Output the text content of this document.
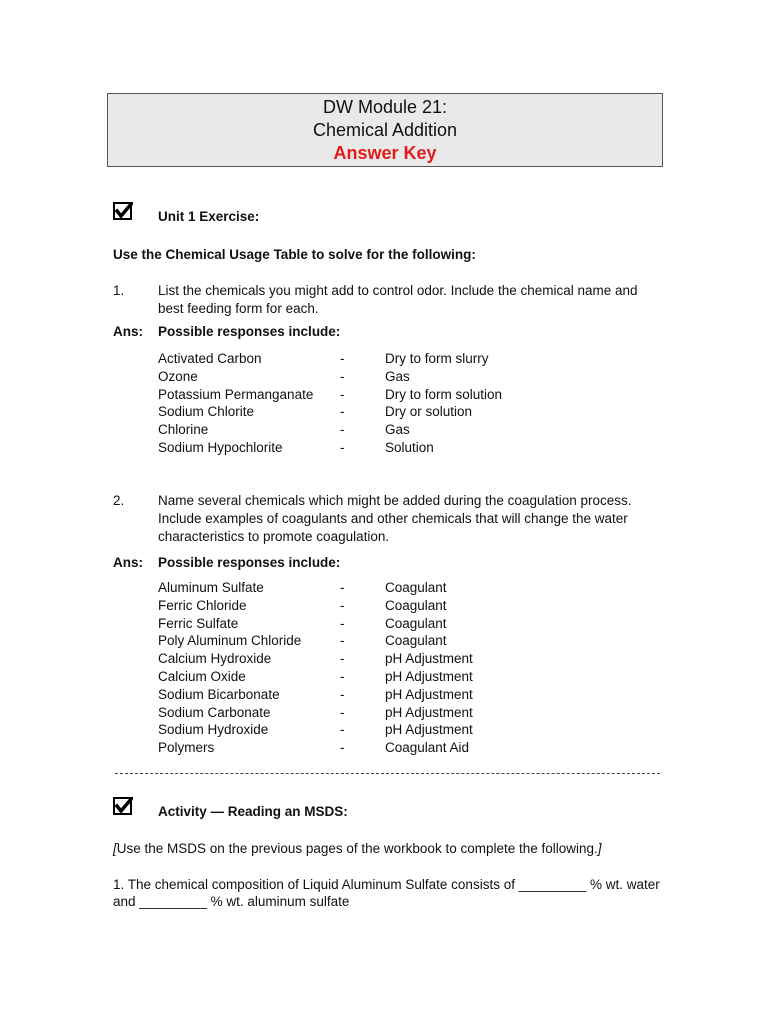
DW Module 21:
Chemical Addition
Answer Key
Unit 1 Exercise:
Use the Chemical Usage Table to solve for the following:
1. List the chemicals you might add to control odor. Include the chemical name and best feeding form for each.
Ans: Possible responses include:
Activated Carbon
Ozone
Potassium Permanganate
Sodium Chlorite
Chlorine
Sodium Hypochlorite
-
-
-
-
-
-
Dry to form slurry
Gas
Dry to form solution
Dry or solution
Gas
Solution
2. Name several chemicals which might be added during the coagulation process. Include examples of coagulants and other chemicals that will change the water characteristics to promote coagulation.
Ans: Possible responses include:
Aluminum Sulfate
Ferric Chloride
Ferric Sulfate
Poly Aluminum Chloride
Calcium Hydroxide
Calcium Oxide
Sodium Bicarbonate
Sodium Carbonate
Sodium Hydroxide
Polymers
-
-
-
-
-
-
-
-
-
-
Coagulant
Coagulant
Coagulant
Coagulant
pH Adjustment
pH Adjustment
pH Adjustment
pH Adjustment
pH Adjustment
Coagulant Aid
Activity — Reading an MSDS:
[Use the MSDS on the previous pages of the workbook to complete the following.]
1. The chemical composition of Liquid Aluminum Sulfate consists of _________ % wt. water
and _________ % wt. aluminum sulfate
